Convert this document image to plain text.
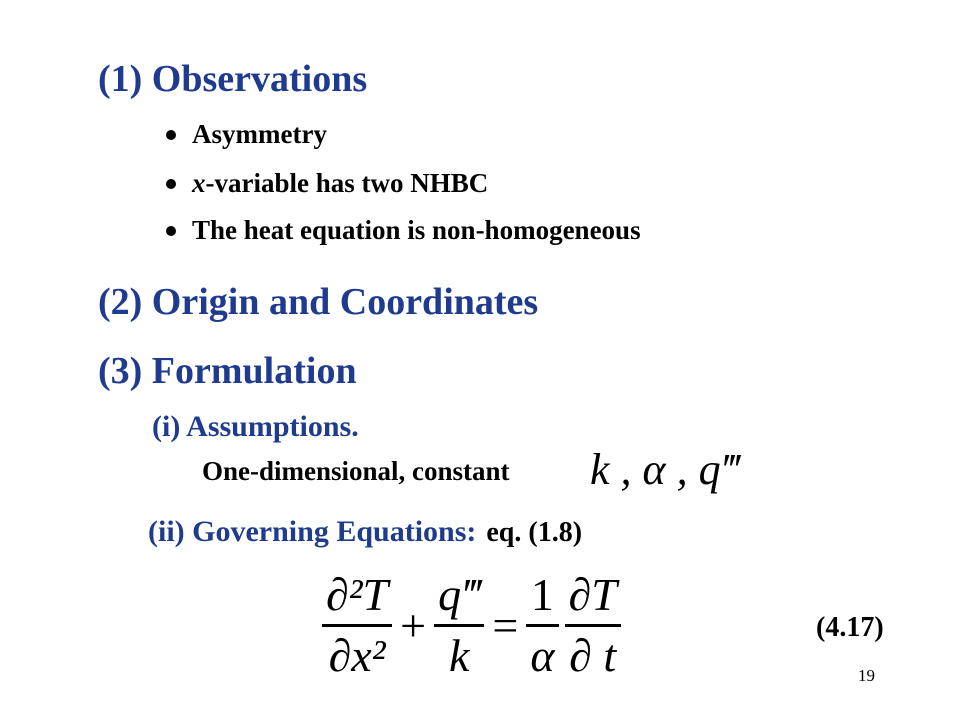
(1) Observations
Asymmetry
x -variable has two NHBC
The heat equation is non-homogeneous
(2) Origin and Coordinates
(3) Formulation
(i) Assumptions.
One-dimensional, constant k , α , q‴
(ii) Governing Equations: eq. (1.8)
$\frac{\text{∂²T}}{\text{∂x²}} + \frac{q‴}{k} = \frac{1}{\alpha} \frac{\partial T}{\partial t}$	(4.17)
19
